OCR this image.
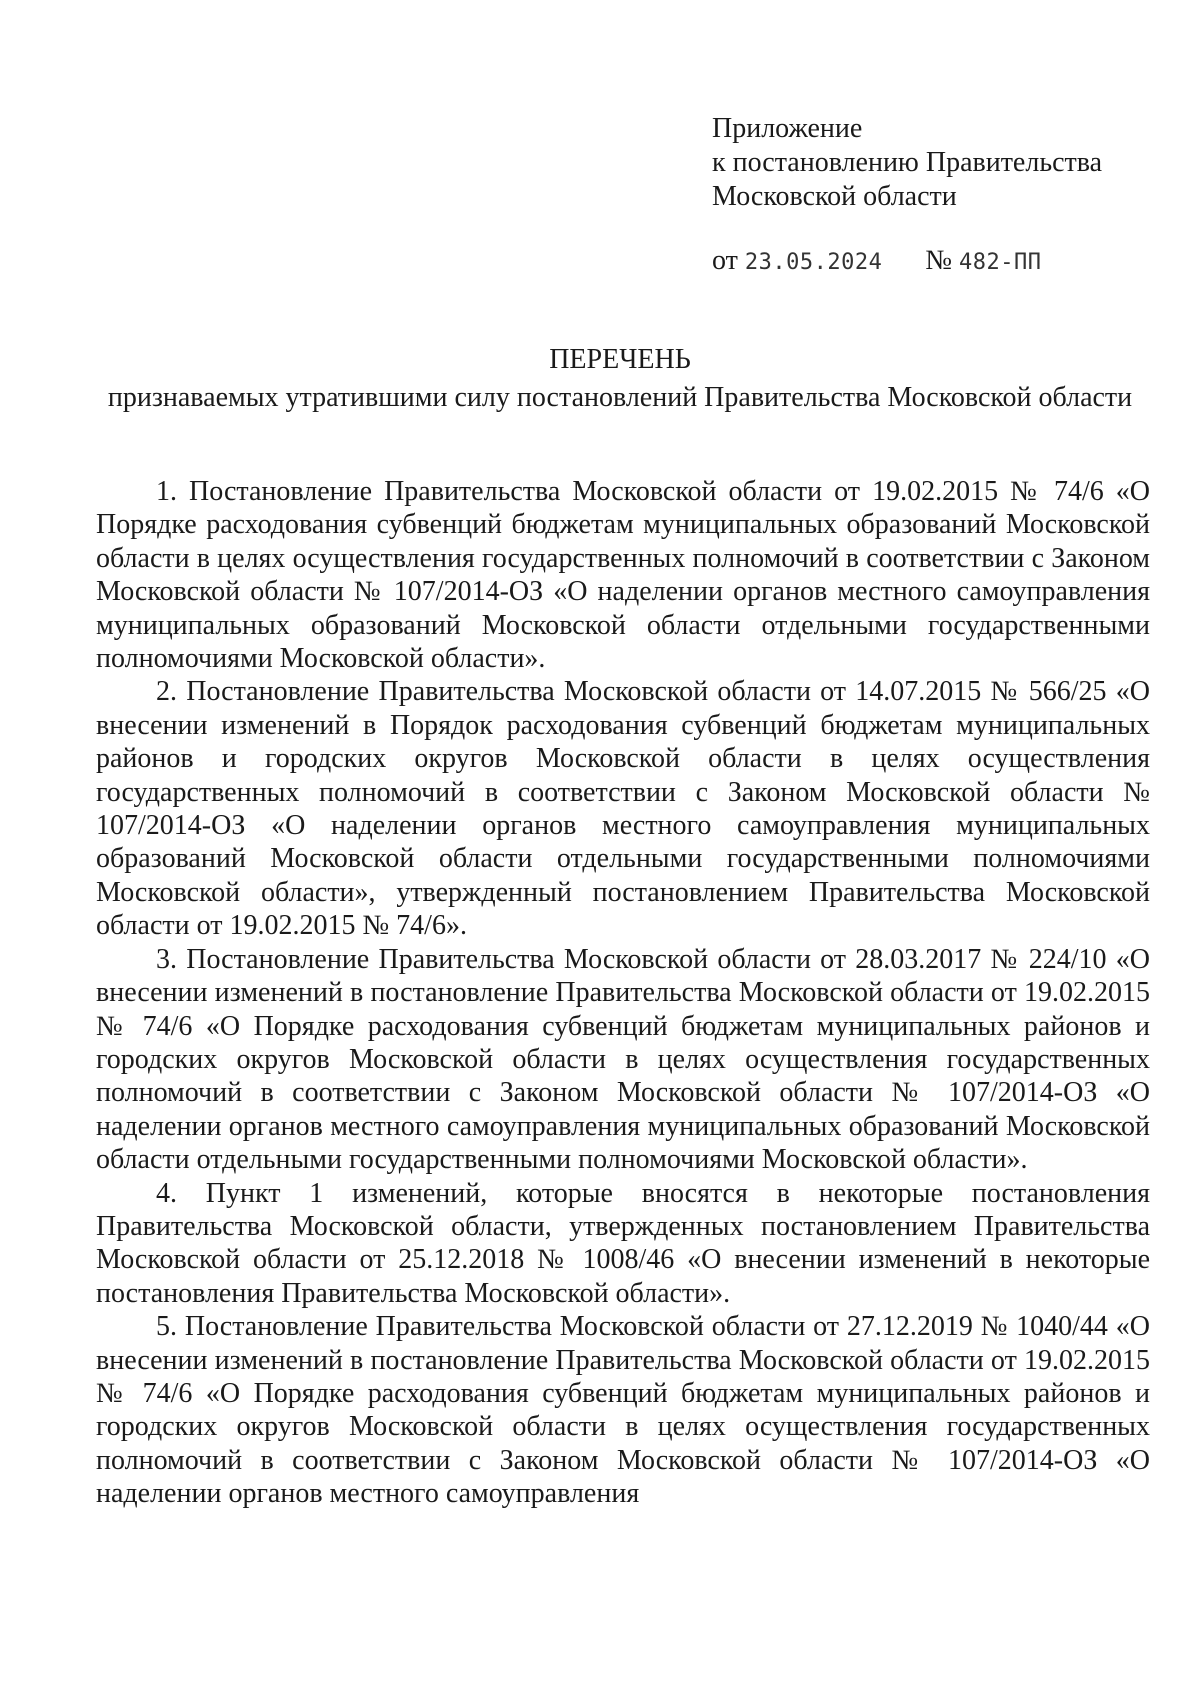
Приложение
к постановлению Правительства
Московской области
от 23.05.2024 № 482-ПП
ПЕРЕЧЕНЬ
признаваемых утратившими силу постановлений Правительства Московской области

1. Постановление Правительства Московской области от 19.02.2015 № 74/6 «О Порядке расходования субвенций бюджетам муниципальных образований Московской области в целях осуществления государственных полномочий в соответствии с Законом Московской области № 107/2014-ОЗ «О наделении органов местного самоуправления муниципальных образований Московской области отдельными государственными полномочиями Московской области».

2. Постановление Правительства Московской области от 14.07.2015 № 566/25 «О внесении изменений в Порядок расходования субвенций бюджетам муниципальных районов и городских округов Московской области в целях осуществления государственных полномочий в соответствии с Законом Московской области № 107/2014-ОЗ «О наделении органов местного самоуправления муниципальных образований Московской области отдельными государственными полномочиями Московской области», утвержденный постановлением Правительства Московской области от 19.02.2015 № 74/6».

3. Постановление Правительства Московской области от 28.03.2017 № 224/10 «О внесении изменений в постановление Правительства Московской области от 19.02.2015 № 74/6 «О Порядке расходования субвенций бюджетам муниципальных районов и городских округов Московской области в целях осуществления государственных полномочий в соответствии с Законом Московской области № 107/2014-ОЗ «О наделении органов местного самоуправления муниципальных образований Московской области отдельными государственными полномочиями Московской области».

4. Пункт 1 изменений, которые вносятся в некоторые постановления Правительства Московской области, утвержденных постановлением Правительства Московской области от 25.12.2018 № 1008/46 «О внесении изменений в некоторые постановления Правительства Московской области».

5. Постановление Правительства Московской области от 27.12.2019 № 1040/44 «О внесении изменений в постановление Правительства Московской области от 19.02.2015 № 74/6 «О Порядке расходования субвенций бюджетам муниципальных районов и городских округов Московской области в целях осуществления государственных полномочий в соответствии с Законом Московской области № 107/2014-ОЗ «О наделении органов местного самоуправления
